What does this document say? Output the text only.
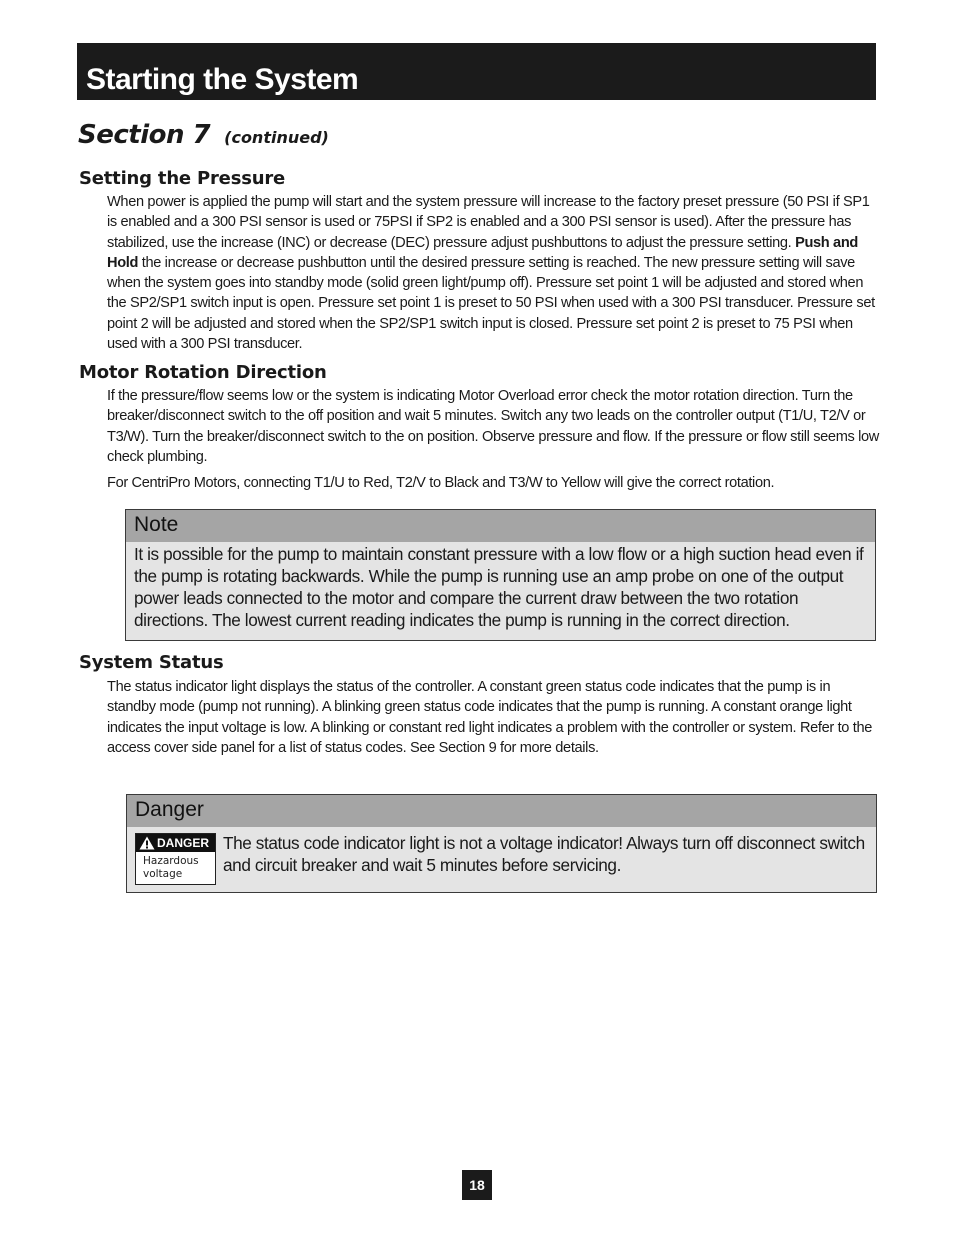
Starting the System
Section 7 (continued)
Setting the Pressure

When power is applied the pump will start and the system pressure will increase to the factory preset pressure (50 PSI if SP1 is enabled and a 300 PSI sensor is used or 75PSI if SP2 is enabled and a 300 PSI sensor is used). After the pressure has stabilized, use the increase (INC) or decrease (DEC) pressure adjust pushbuttons to adjust the pressure setting. Push and Hold the increase or decrease pushbutton until the desired pressure setting is reached. The new pressure setting will save when the system goes into standby mode (solid green light/pump off). Pressure set point 1 will be adjusted and stored when the SP2/SP1 switch input is open. Pressure set point 1 is preset to 50 PSI when used with a 300 PSI transducer. Pressure set point 2 will be adjusted and stored when the SP2/SP1 switch input is closed. Pressure set point 2 is preset to 75 PSI when used with a 300 PSI transducer.

Motor Rotation Direction

If the pressure/flow seems low or the system is indicating Motor Overload error check the motor rotation direction. Turn the breaker/disconnect switch to the off position and wait 5 minutes. Switch any two leads on the controller output (T1/U, T2/V or T3/W). Turn the breaker/disconnect switch to the on position. Observe pressure and flow. If the pressure or flow still seems low check plumbing.

For CentriPro Motors, connecting T1/U to Red, T2/V to Black and T3/W to Yellow will give the correct rotation.

Note
It is possible for the pump to maintain constant pressure with a low flow or a high suction head even if the pump is rotating backwards. While the pump is running use an amp probe on one of the output power leads connected to the motor and compare the current draw between the two rotation directions. The lowest current reading indicates the pump is running in the correct direction.
System Status

The status indicator light displays the status of the controller. A constant green status code indicates that the pump is in standby mode (pump not running). A blinking green status code indicates that the pump is running. A constant orange light indicates the input voltage is low. A blinking or constant red light indicates a problem with the controller or system. Refer to the access cover side panel for a list of status codes. See Section 9 for more details.

Danger
DANGER
Hazardous
voltage
The status code indicator light is not a voltage indicator! Always turn off disconnect switch and circuit breaker and wait 5 minutes before servicing.
18
